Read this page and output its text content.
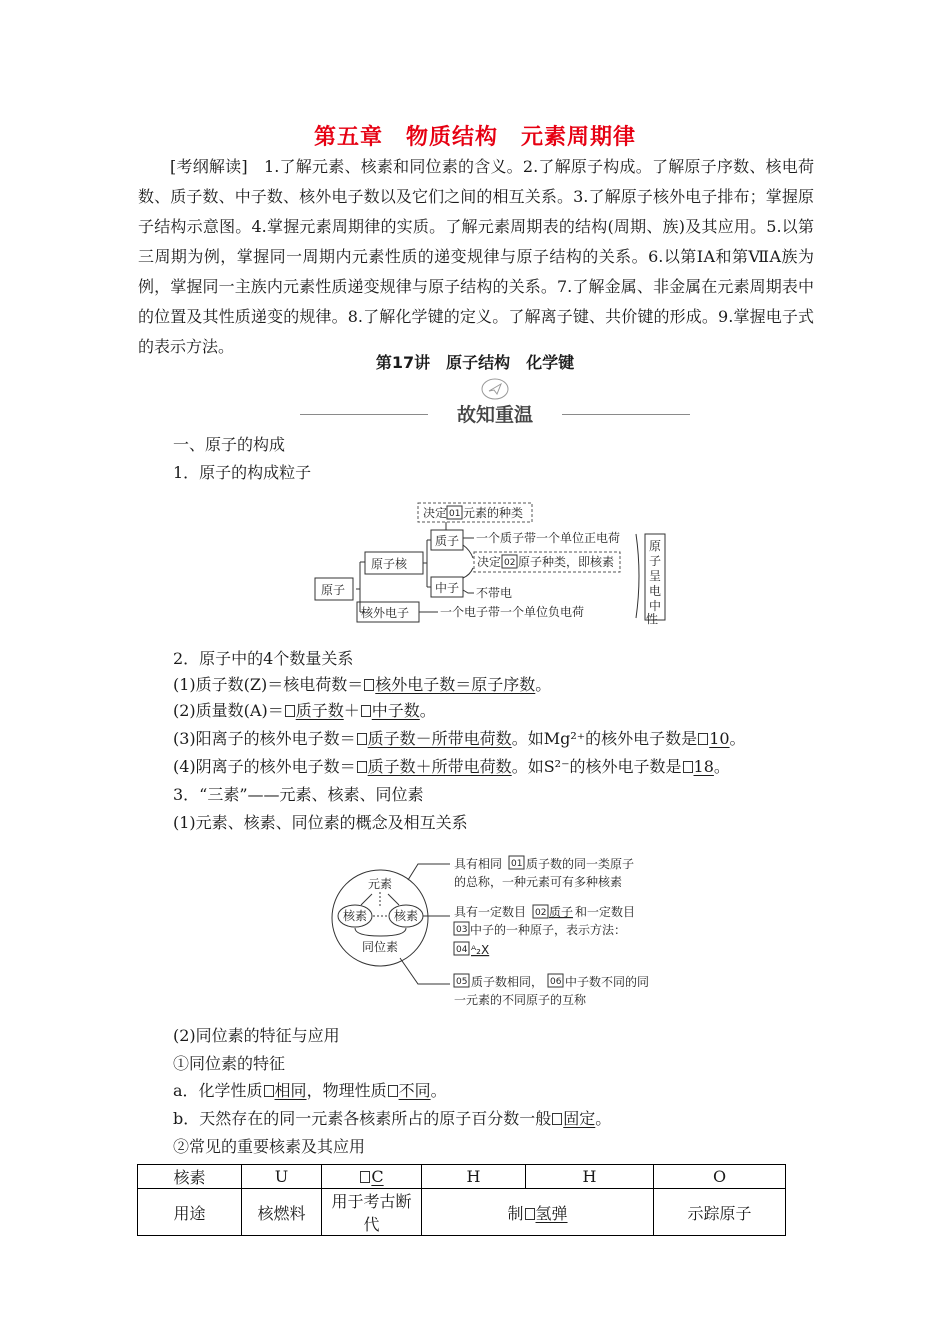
第五章　物质结构　元素周期律
[考纲解读]　1.了解元素、核素和同位素的含义。2.了解原子构成。了解原子序数、核电荷数、质子数、中子数、核外电子数以及它们之间的相互关系。3.了解原子核外电子排布；掌握原子结构示意图。4.掌握元素周期律的实质。了解元素周期表的结构(周期、族)及其应用。5.以第三周期为例，掌握同一周期内元素性质的递变规律与原子结构的关系。6.以第ⅠA和第ⅦA族为例，掌握同一主族内元素性质递变规律与原子结构的关系。7.了解金属、非金属在元素周期表中的位置及其性质递变的规律。8.了解化学键的定义。了解离子键、共价键的形成。9.掌握电子式的表示方法。
第17讲　原子结构　化学键
故知重温
一、原子的构成
1．原子的构成粒子
决定 01 元素的种类
原子
原子核
质子 一个质子带一个单位正电荷
决定 02 原子种类，即核素
中子 不带电
核外电子	一个电子带一个单位负电荷
原
子
呈
电
中
性
2．原子中的4个数量关系
(1)质子数(Z)＝核电荷数＝ 核外电子数＝原子序数。
(2)质量数(A)＝ 质子数＋ 中子数。
(3)阳离子的核外电子数＝ 质子数－所带电荷数。如Mg²⁺的核外电子数是 10。
(4)阴离子的核外电子数＝ 质子数＋所带电荷数。如S²⁻的核外电子数是 18。
3．“三素”——元素、核素、同位素
(1)元素、核素、同位素的概念及相互关系
元素
核素 核素
同位素
具有相同 01 质子数的同一类原子
的总称，一种元素可有多种核素
具有一定数目 02 质子 和一定数目
03 中子的一种原子，表示方法：
04 ᴬ₂X
05 质子数相同， 06 中子数不同的同
一元素的不同原子的互称
(2)同位素的特征与应用
①同位素的特征
a．化学性质 相同，物理性质 不同。
b．天然存在的同一元素各核素所占的原子百分数一般 固定。
②常见的重要核素及其应用
核素	U	C	H	H	O
用途	核燃料	用于考古断代	制 氢弹		示踪原子
